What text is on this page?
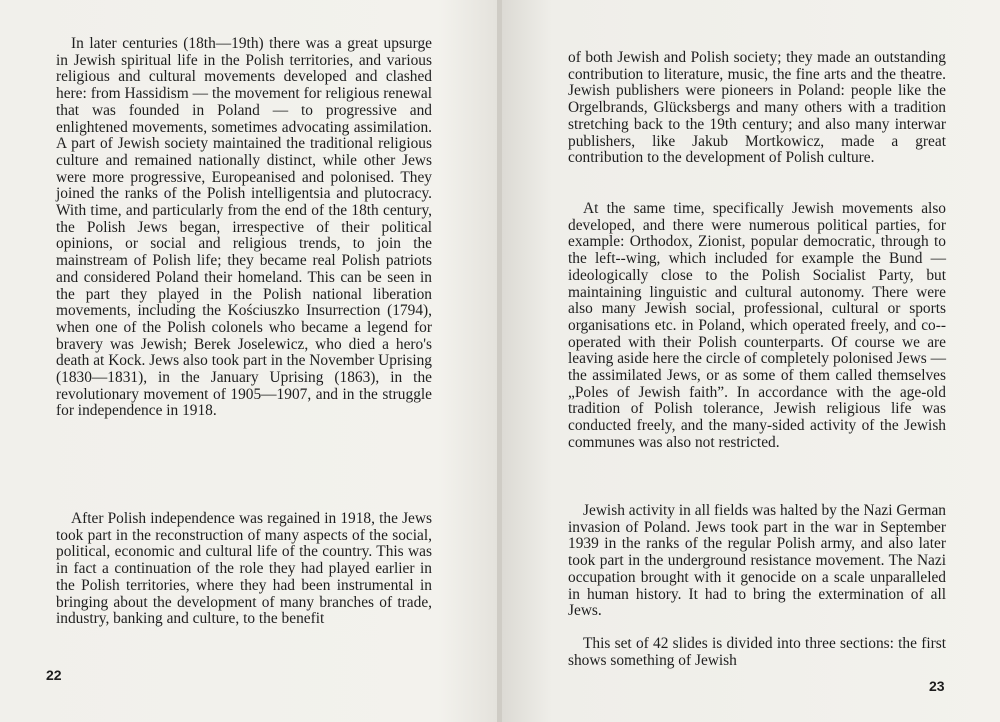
In later centuries (18th—19th) there was a great upsurge in Jewish spiritual life in the Polish territories, and various religious and cultural movements developed and clashed here: from Hassidism — the movement for religious renewal that was founded in Poland — to progressive and enlightened movements, sometimes advocating assimilation. A part of Jewish society maintained the traditional religious culture and remained nationally distinct, while other Jews were more progressive, Europeanised and polonised. They joined the ranks of the Polish intelligentsia and plutocracy. With time, and particularly from the end of the 18th century, the Polish Jews began, irrespective of their political opinions, or social and religious trends, to join the mainstream of Polish life; they became real Polish patriots and considered Poland their homeland. This can be seen in the part they played in the Polish national liberation movements, including the Kościuszko Insurrection (1794), when one of the Polish colonels who became a legend for bravery was Jewish; Berek Joselewicz, who died a hero's death at Kock. Jews also took part in the November Uprising (1830—1831), in the January Uprising (1863), in the revolutionary movement of 1905—1907, and in the struggle for independence in 1918.

After Polish independence was regained in 1918, the Jews took part in the reconstruction of many aspects of the social, political, economic and cultural life of the country. This was in fact a continuation of the role they had played earlier in the Polish territories, where they had been instrumental in bringing about the development of many branches of trade, industry, banking and culture, to the benefit

22

of both Jewish and Polish society; they made an outstanding contribution to literature, music, the fine arts and the theatre. Jewish publishers were pioneers in Poland: people like the Orgelbrands, Glücksbergs and many others with a tradition stretching back to the 19th century; and also many interwar publishers, like Jakub Mortkowicz, made a great contribution to the development of Polish culture.

At the same time, specifically Jewish movements also developed, and there were numerous political parties, for example: Orthodox, Zionist, popular democratic, through to the left--wing, which included for example the Bund — ideologically close to the Polish Socialist Party, but maintaining linguistic and cultural autonomy. There were also many Jewish social, professional, cultural or sports organisations etc. in Poland, which operated freely, and co--operated with their Polish counterparts. Of course we are leaving aside here the circle of completely polonised Jews — the assimilated Jews, or as some of them called themselves „Poles of Jewish faith”. In accordance with the age-old tradition of Polish tolerance, Jewish religious life was conducted freely, and the many-sided activity of the Jewish communes was also not restricted.

Jewish activity in all fields was halted by the Nazi German invasion of Poland. Jews took part in the war in September 1939 in the ranks of the regular Polish army, and also later took part in the underground resistance movement. The Nazi occupation brought with it genocide on a scale unparalleled in human history. It had to bring the extermination of all Jews.

This set of 42 slides is divided into three sections: the first shows something of Jewish

23
